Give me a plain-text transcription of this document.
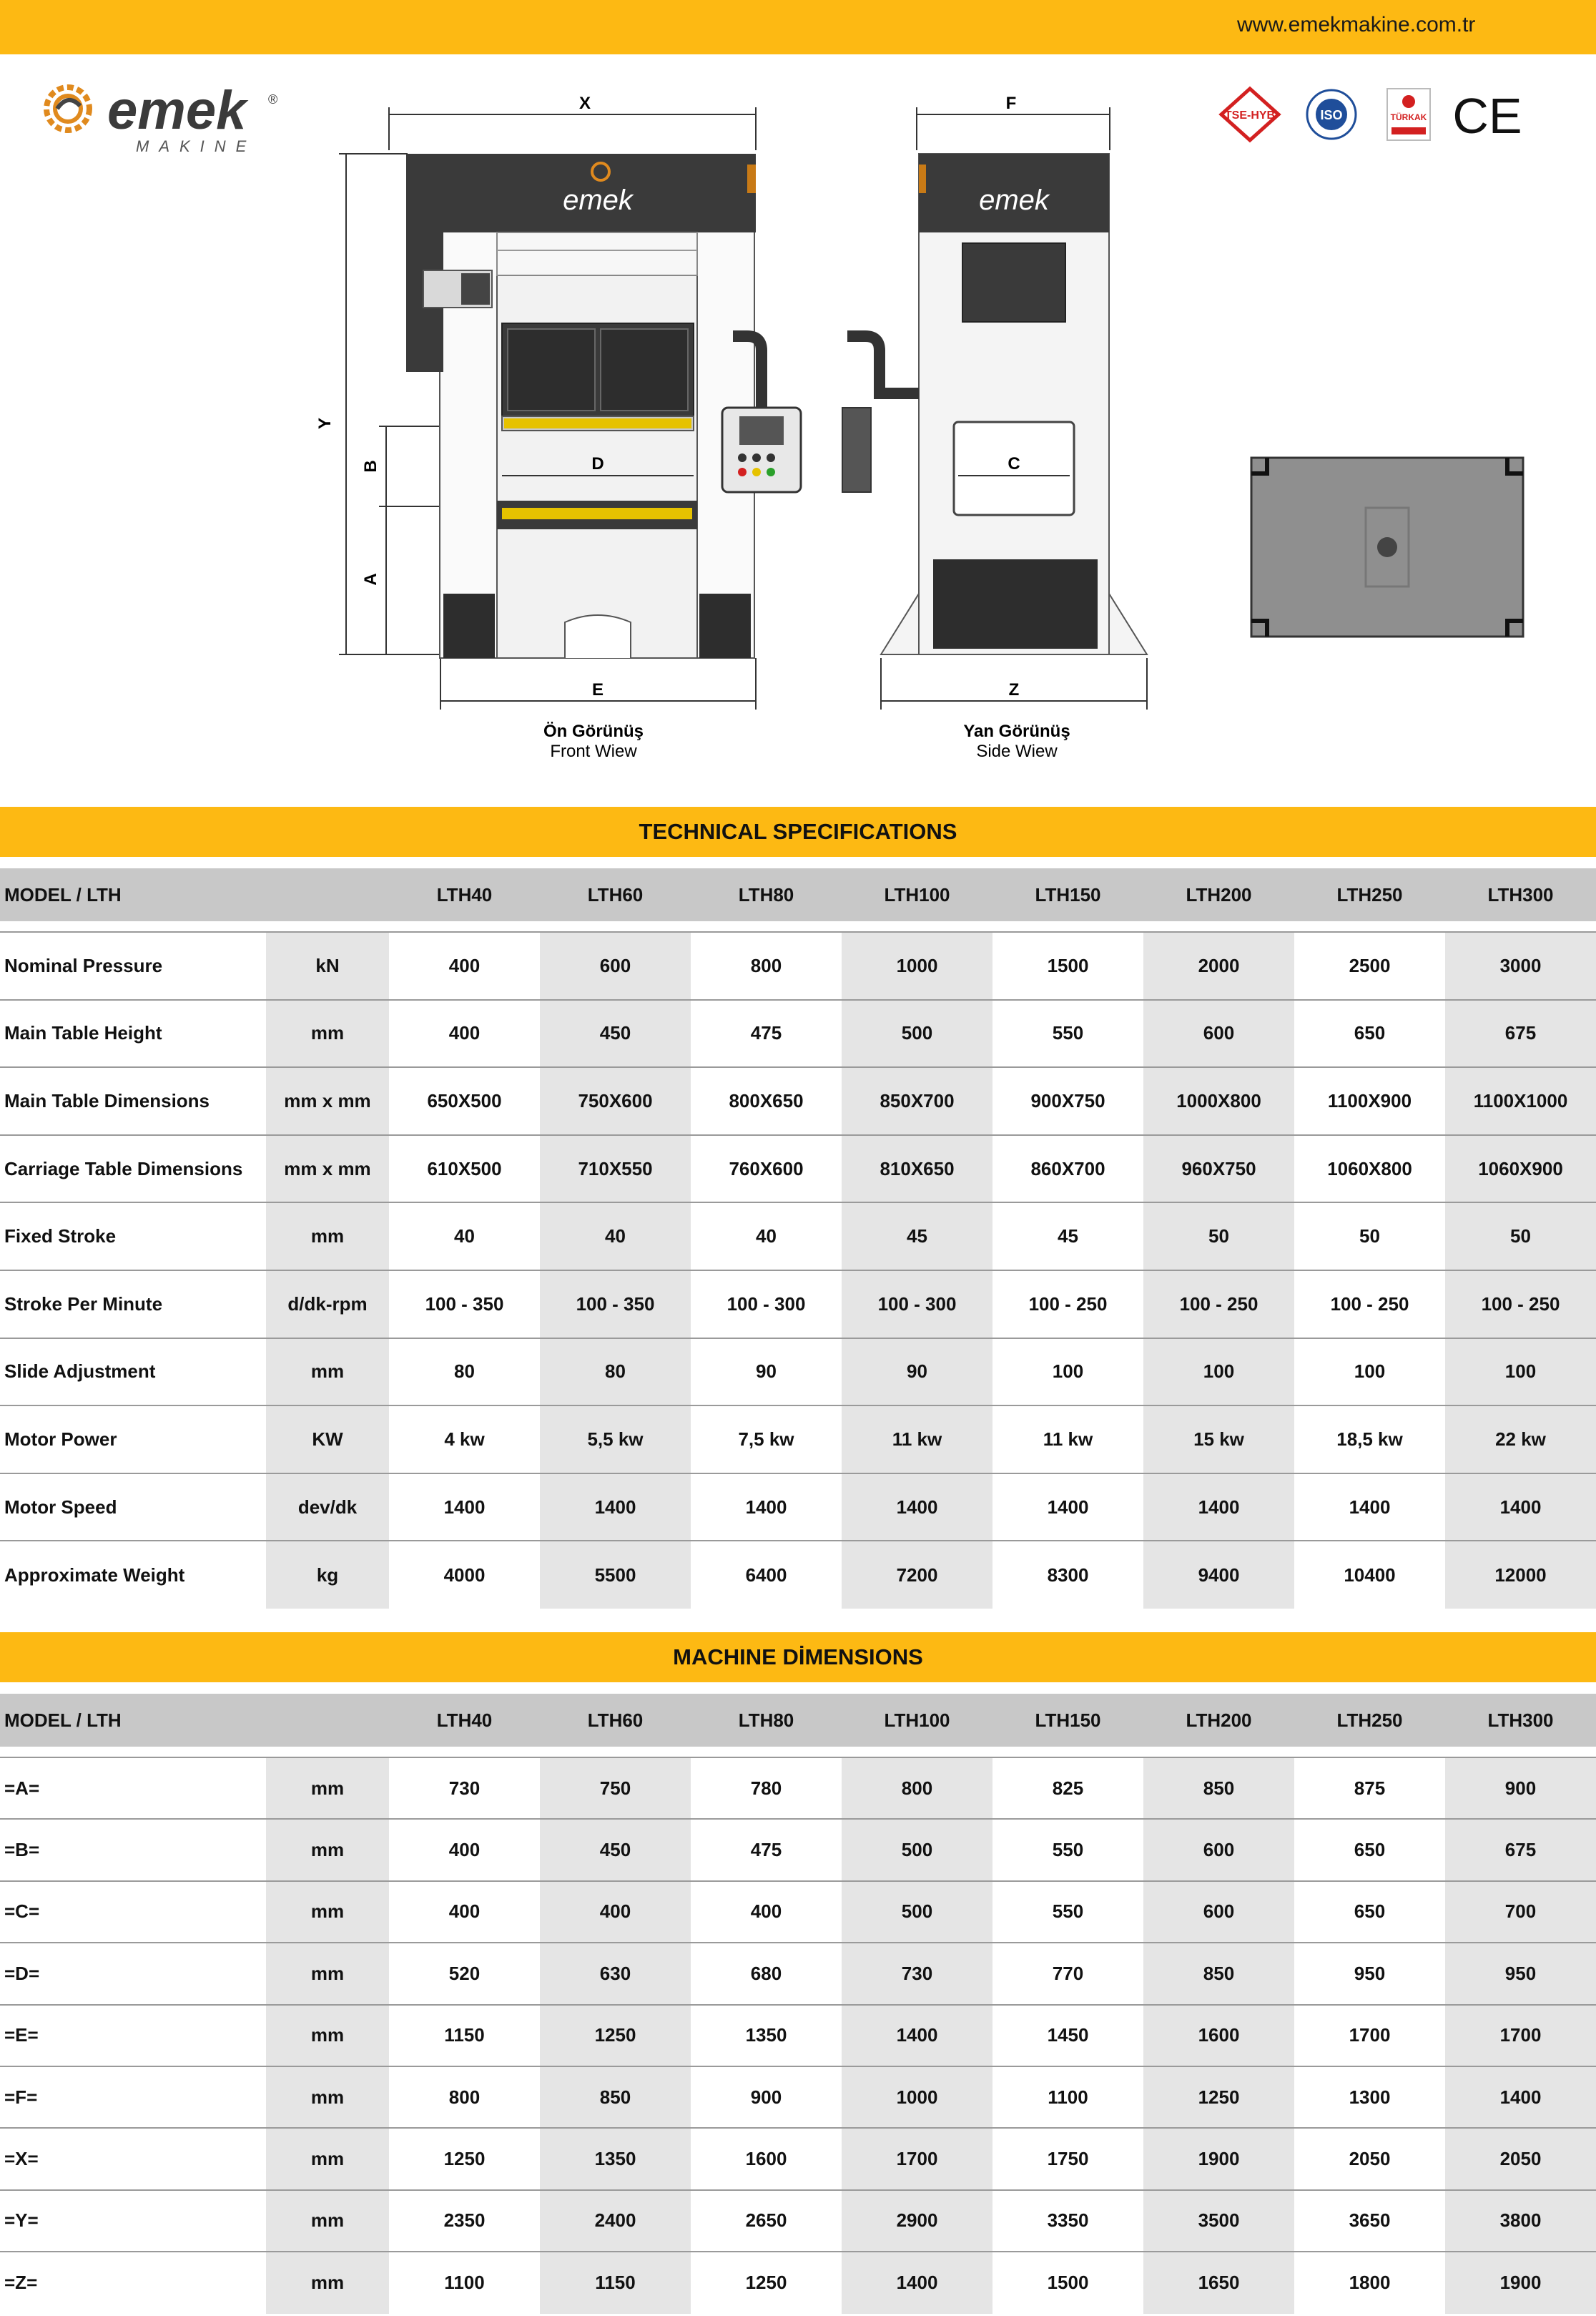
www.emekmakine.com.tr
emek ®
MAKINE
TSE-HYB	ISO	TÜRKAK CE
X
Y
B
A
E
emek
D
Ön Görünüş
Front Wiew
F
emek
C
Z
Yan Görünüş
Side Wiew
TECHNICAL SPECIFICATIONS
MODEL / LTH		LTH40	LTH60	LTH80	LTH100	LTH150	LTH200	LTH250	LTH300

Nominal Pressure	kN	400	600	800	1000	1500	2000	2500	3000
Main Table Height	mm	400	450	475	500	550	600	650	675
Main Table Dimensions	mm x mm	650X500	750X600	800X650	850X700	900X750	1000X800	1100X900	1100X1000
Carriage Table Dimensions	mm x mm	610X500	710X550	760X600	810X650	860X700	960X750	1060X800	1060X900
Fixed Stroke	mm	40	40	40	45	45	50	50	50
Stroke Per Minute	d/dk-rpm	100 - 350	100 - 350	100 - 300	100 - 300	100 - 250	100 - 250	100 - 250	100 - 250
Slide Adjustment	mm	80	80	90	90	100	100	100	100
Motor Power	KW	4 kw	5,5 kw	7,5 kw	11 kw	11 kw	15 kw	18,5 kw	22 kw
Motor Speed	dev/dk	1400	1400	1400	1400	1400	1400	1400	1400
Approximate Weight	kg	4000	5500	6400	7200	8300	9400	10400	12000
MACHINE DİMENSIONS
MODEL / LTH		LTH40	LTH60	LTH80	LTH100	LTH150	LTH200	LTH250	LTH300

=A=	mm	730	750	780	800	825	850	875	900
=B=	mm	400	450	475	500	550	600	650	675
=C=	mm	400	400	400	500	550	600	650	700
=D=	mm	520	630	680	730	770	850	950	950
=E=	mm	1150	1250	1350	1400	1450	1600	1700	1700
=F=	mm	800	850	900	1000	1100	1250	1300	1400
=X=	mm	1250	1350	1600	1700	1750	1900	2050	2050
=Y=	mm	2350	2400	2650	2900	3350	3500	3650	3800
=Z=	mm	1100	1150	1250	1400	1500	1650	1800	1900
